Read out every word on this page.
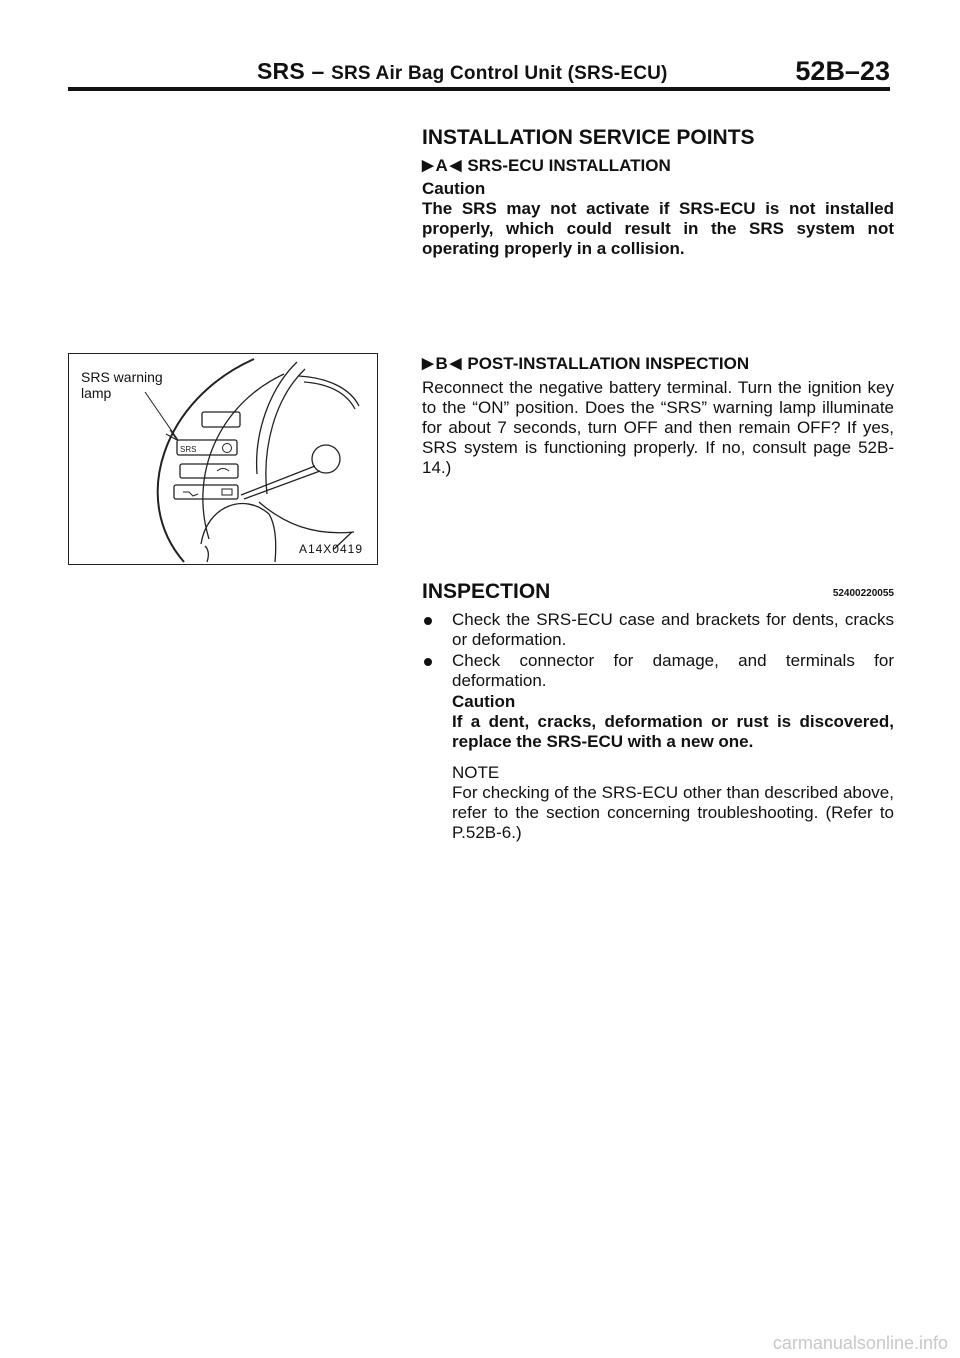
SRS – SRS Air Bag Control Unit (SRS-ECU)	52B–23
INSTALLATION SERVICE POINTS
▶ A ◀ SRS-ECU INSTALLATION
Caution
The SRS may not activate if SRS-ECU is not installed properly, which could result in the SRS system not operating properly in a collision.
▶ B ◀ POST-INSTALLATION INSPECTION
Reconnect the negative battery terminal. Turn the ignition key to the “ON” position. Does the “SRS” warning lamp illuminate for about 7 seconds, turn OFF and then remain OFF? If yes, SRS system is functioning properly. If no, consult page 52B-14.)
SRS
SRS warning
lamp
A14X0419
INSPECTION	52400220055
Check the SRS-ECU case and brackets for dents, cracks or deformation.
Check connector for damage, and terminals for deformation.
Caution
If a dent, cracks, deformation or rust is discovered, replace the SRS-ECU with a new one.
NOTE
For checking of the SRS-ECU other than described above, refer to the section concerning troubleshooting. (Refer to P.52B-6.)
carmanualsonline.info
